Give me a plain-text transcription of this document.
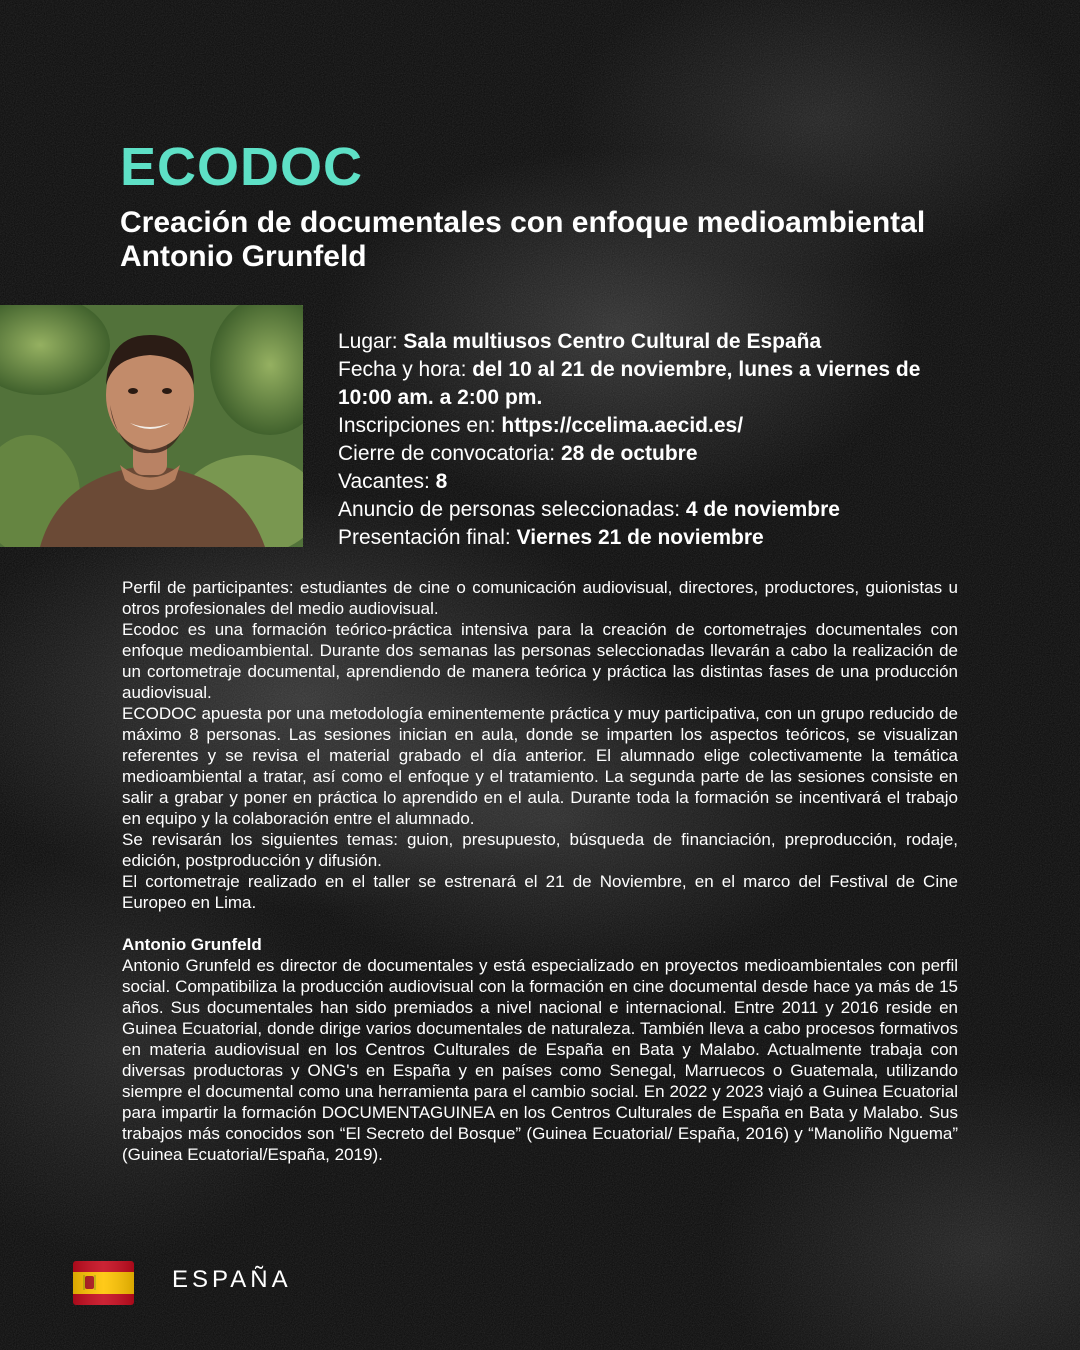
ECODOC
Creación de documentales con enfoque medioambiental
Antonio Grunfeld

Lugar: Sala multiusos Centro Cultural de España

Fecha y hora: del 10 al 21 de noviembre, lunes a viernes de 10:00 am. a 2:00 pm.

Inscripciones en: https://ccelima.aecid.es/

Cierre de convocatoria: 28 de octubre

Vacantes: 8

Anuncio de personas seleccionadas: 4 de noviembre

Presentación final: Viernes 21 de noviembre

Perfil de participantes: estudiantes de cine o comunicación audiovisual, directores, productores, guionistas u otros profesionales del medio audiovisual.

Ecodoc es una formación teórico-práctica intensiva para la creación de cortometrajes documentales con enfoque medioambiental. Durante dos semanas las personas seleccionadas llevarán a cabo la realización de un cortometraje documental, aprendiendo de manera teórica y práctica las distintas fases de una producción audiovisual.

ECODOC apuesta por una metodología eminentemente práctica y muy participativa, con un grupo reducido de máximo 8 personas. Las sesiones inician en aula, donde se imparten los aspectos teóricos, se visualizan referentes y se revisa el material grabado el día anterior. El alumnado elige colectivamente la temática medioambiental a tratar, así como el enfoque y el tratamiento. La segunda parte de las sesiones consiste en salir a grabar y poner en práctica lo aprendido en el aula. Durante toda la formación se incentivará el trabajo en equipo y la colaboración entre el alumnado.

Se revisarán los siguientes temas: guion, presupuesto, búsqueda de financiación, preproducción, rodaje, edición, postproducción y difusión.

El cortometraje realizado en el taller se estrenará el 21 de Noviembre, en el marco del Festival de Cine Europeo en Lima.

Antonio Grunfeld

Antonio Grunfeld es director de documentales y está especializado en proyectos medioambientales con perfil social. Compatibiliza la producción audiovisual con la formación en cine documental desde hace ya más de 15 años. Sus documentales han sido premiados a nivel nacional e internacional. Entre 2011 y 2016 reside en Guinea Ecuatorial, donde dirige varios documentales de naturaleza. También lleva a cabo procesos formativos en materia audiovisual en los Centros Culturales de España en Bata y Malabo. Actualmente trabaja con diversas productoras y ONG's en España y en países como Senegal, Marruecos o Guatemala, utilizando siempre el documental como una herramienta para el cambio social. En 2022 y 2023 viajó a Guinea Ecuatorial para impartir la formación DOCUMENTAGUINEA en los Centros Culturales de España en Bata y Malabo. Sus trabajos más conocidos son “El Secreto del Bosque” (Guinea Ecuatorial/ España, 2016) y “Manoliño Nguema” (Guinea Ecuatorial/España, 2019).

ESPAÑA
